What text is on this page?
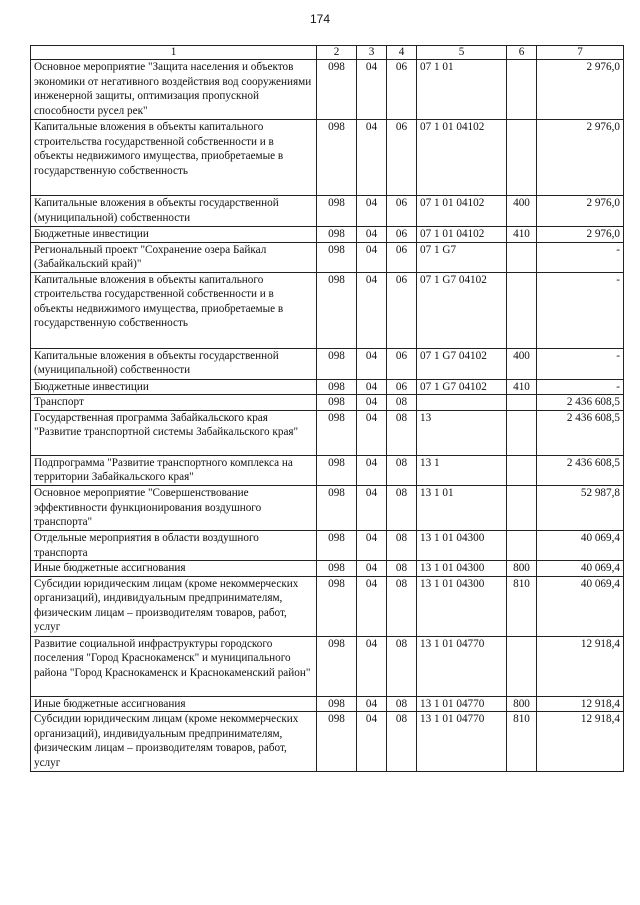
174
1	2	3	4	5	6	7
Основное мероприятие "Защита населения и объектов экономики от негативного воздействия вод сооружениями инженерной защиты, оптимизация пропускной способности русел рек"	098	04	06	07 1 01		2 976,0
Капитальные вложения в объекты капитального строительства государственной собственности и в объекты недвижимого имущества, приобретаемые в государственную собственность	098	04	06	07 1 01 04102		2 976,0
Капитальные вложения в объекты государственной (муниципальной) собственности	098	04	06	07 1 01 04102	400	2 976,0
Бюджетные инвестиции	098	04	06	07 1 01 04102	410	2 976,0
Региональный проект "Сохранение озера Байкал (Забайкальский край)"	098	04	06	07 1 G7		-
Капитальные вложения в объекты капитального строительства государственной собственности и в объекты недвижимого имущества, приобретаемые в государственную собственность	098	04	06	07 1 G7 04102		-
Капитальные вложения в объекты государственной (муниципальной) собственности	098	04	06	07 1 G7 04102	400	-
Бюджетные инвестиции	098	04	06	07 1 G7 04102	410	-
Транспорт	098	04	08			2 436 608,5
Государственная программа Забайкальского края "Развитие транспортной системы Забайкальского края"	098	04	08	13		2 436 608,5
Подпрограмма "Развитие транспортного комплекса на территории Забайкальского края"	098	04	08	13 1		2 436 608,5
Основное мероприятие "Совершенствование эффективности функционирования воздушного транспорта"	098	04	08	13 1 01		52 987,8
Отдельные мероприятия в области воздушного транспорта	098	04	08	13 1 01 04300		40 069,4
Иные бюджетные ассигнования	098	04	08	13 1 01 04300	800	40 069,4
Субсидии юридическим лицам (кроме некоммерческих организаций), индивидуальным предпринимателям, физическим лицам – производителям товаров, работ, услуг	098	04	08	13 1 01 04300	810	40 069,4
Развитие социальной инфраструктуры городского поселения "Город Краснокаменск" и муниципального района "Город Краснокаменск и Краснокаменский район"	098	04	08	13 1 01 04770		12 918,4
Иные бюджетные ассигнования	098	04	08	13 1 01 04770	800	12 918,4
Субсидии юридическим лицам (кроме некоммерческих организаций), индивидуальным предпринимателям, физическим лицам – производителям товаров, работ, услуг	098	04	08	13 1 01 04770	810	12 918,4
